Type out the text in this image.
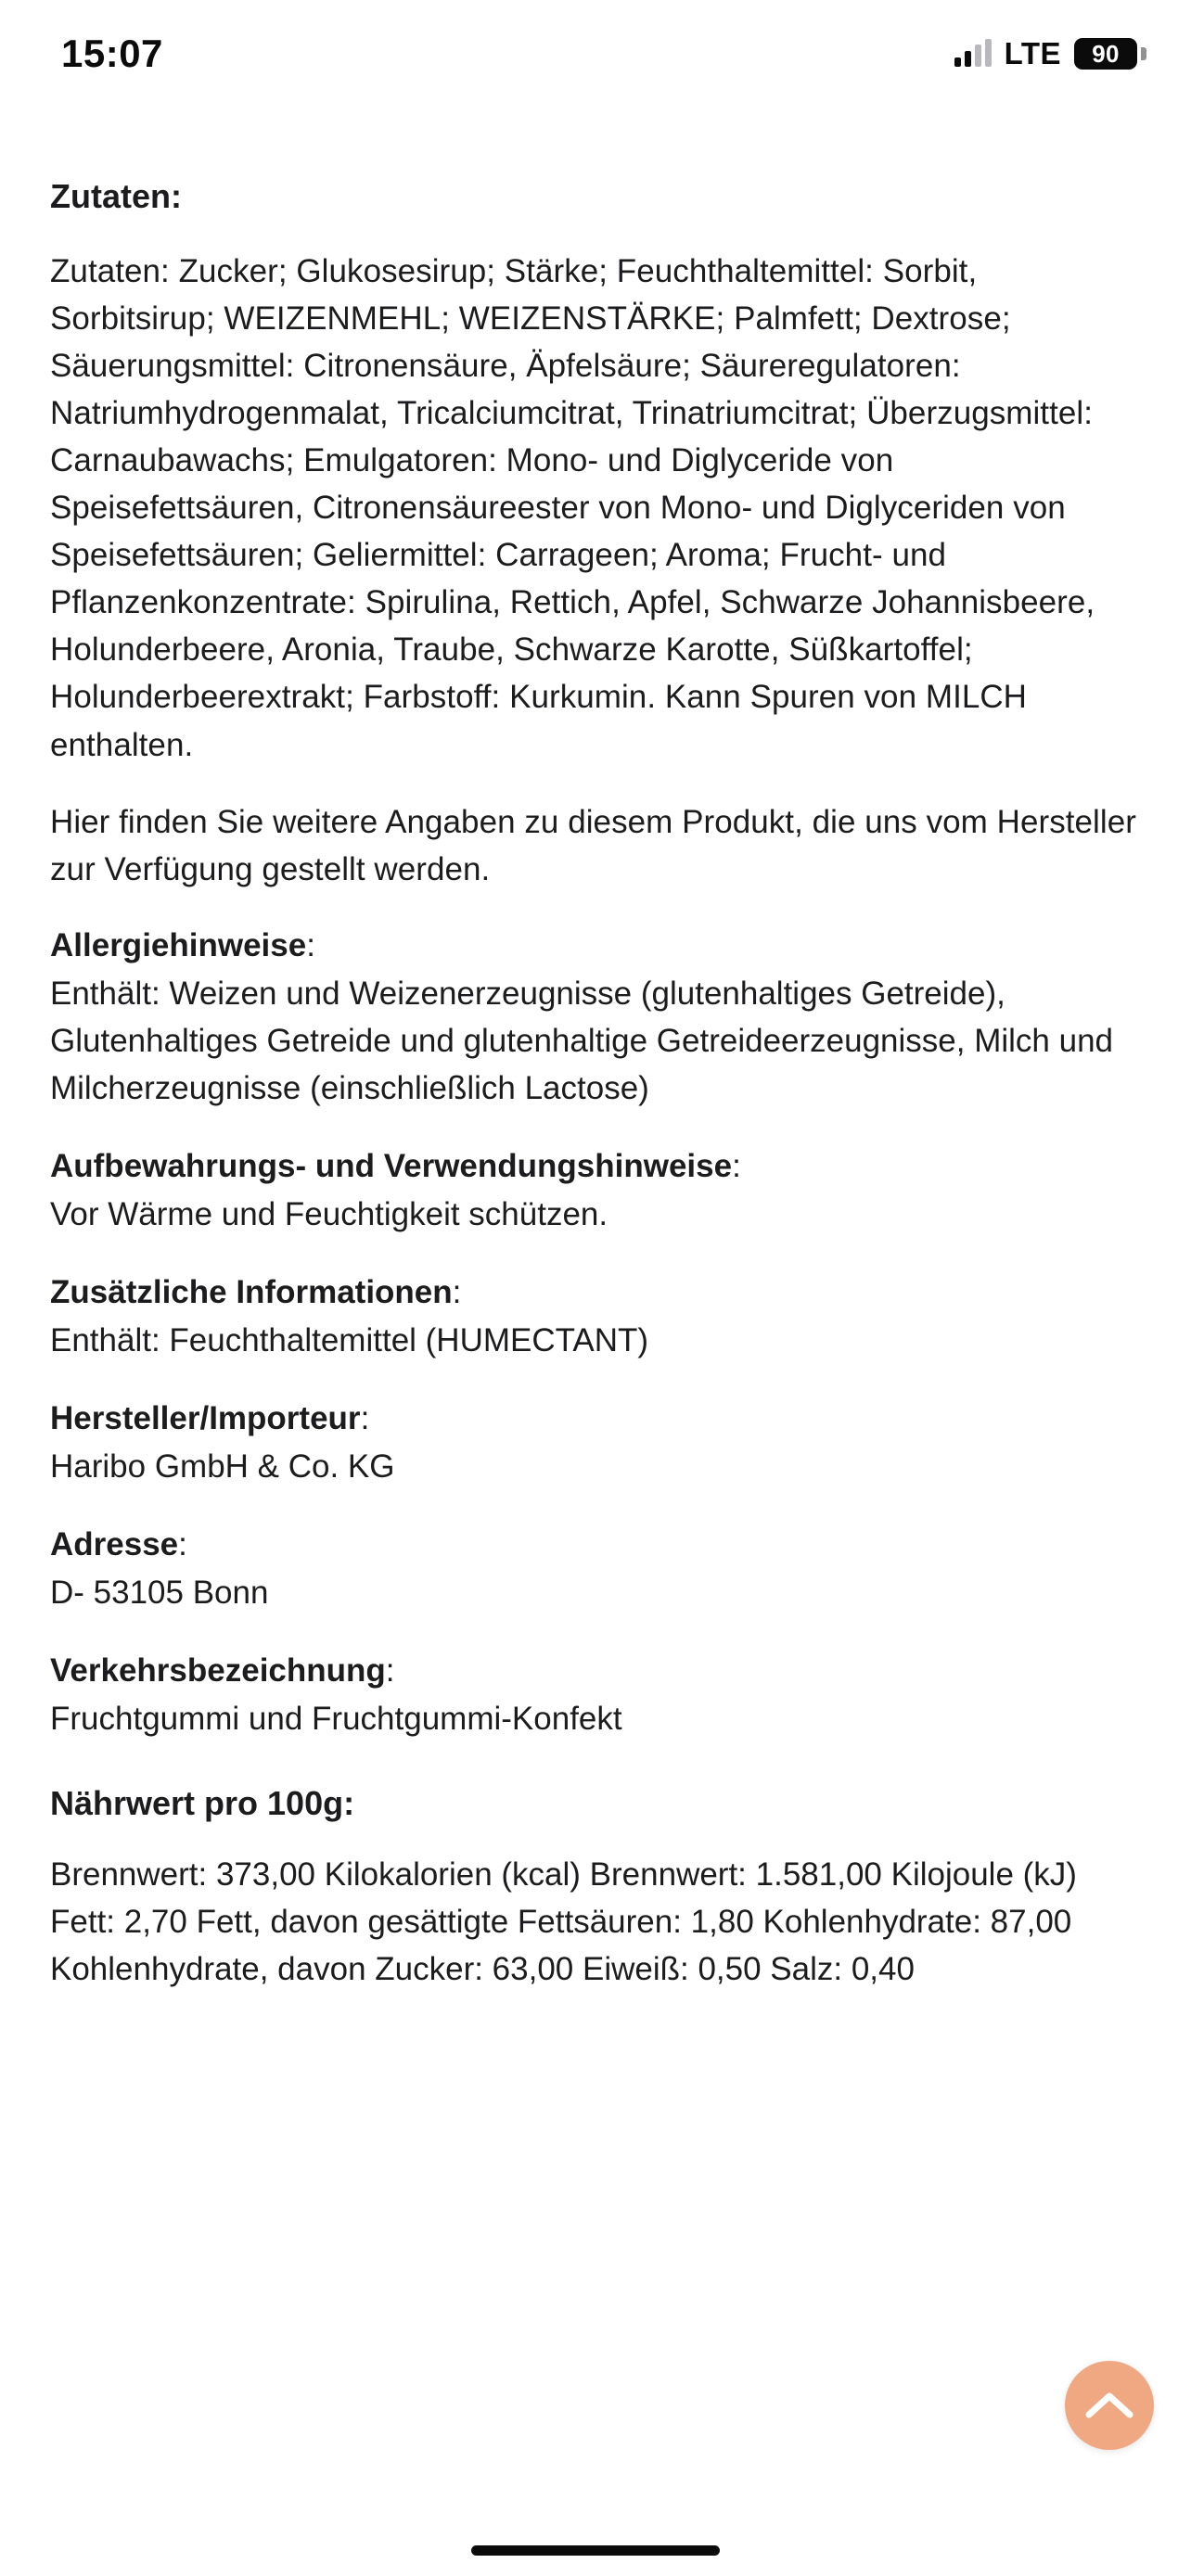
15:07	LTE 90
Zutaten:

Zutaten: Zucker; Glukosesirup; Stärke; Feuchthaltemittel: Sorbit, Sorbitsirup; WEIZENMEHL; WEIZENSTÄRKE; Palmfett; Dextrose; Säuerungsmittel: Citronensäure, Äpfelsäure; Säureregulatoren: Natriumhydrogenmalat, Tricalciumcitrat, Trinatriumcitrat; Überzugsmittel: Carnaubawachs; Emulgatoren: Mono- und Diglyceride von Speisefettsäuren, Citronensäureester von Mono- und Diglyceriden von Speisefettsäuren; Geliermittel: Carrageen; Aroma; Frucht- und Pflanzenkonzentrate: Spirulina, Rettich, Apfel, Schwarze Johannisbeere, Holunderbeere, Aronia, Traube, Schwarze Karotte, Süßkartoffel; Holunderbeerextrakt; Farbstoff: Kurkumin. Kann Spuren von MILCH enthalten.

Hier finden Sie weitere Angaben zu diesem Produkt, die uns vom Hersteller zur Verfügung gestellt werden.

Allergiehinweise:

Enthält: Weizen und Weizenerzeugnisse (glutenhaltiges Getreide), Glutenhaltiges Getreide und glutenhaltige Getreideerzeugnisse, Milch und Milcherzeugnisse (einschließlich Lactose)

Aufbewahrungs- und Verwendungshinweise:

Vor Wärme und Feuchtigkeit schützen.

Zusätzliche Informationen:

Enthält: Feuchthaltemittel (HUMECTANT)

Hersteller/Importeur:

Haribo GmbH & Co. KG

Adresse:

D- 53105 Bonn

Verkehrsbezeichnung:

Fruchtgummi und Fruchtgummi-Konfekt

Nährwert pro 100g:

Brennwert: 373,00 Kilokalorien (kcal) Brennwert: 1.581,00 Kilojoule (kJ) Fett: 2,70 Fett, davon gesättigte Fettsäuren: 1,80 Kohlenhydrate: 87,00 Kohlenhydrate, davon Zucker: 63,00 Eiweiß: 0,50 Salz: 0,40
